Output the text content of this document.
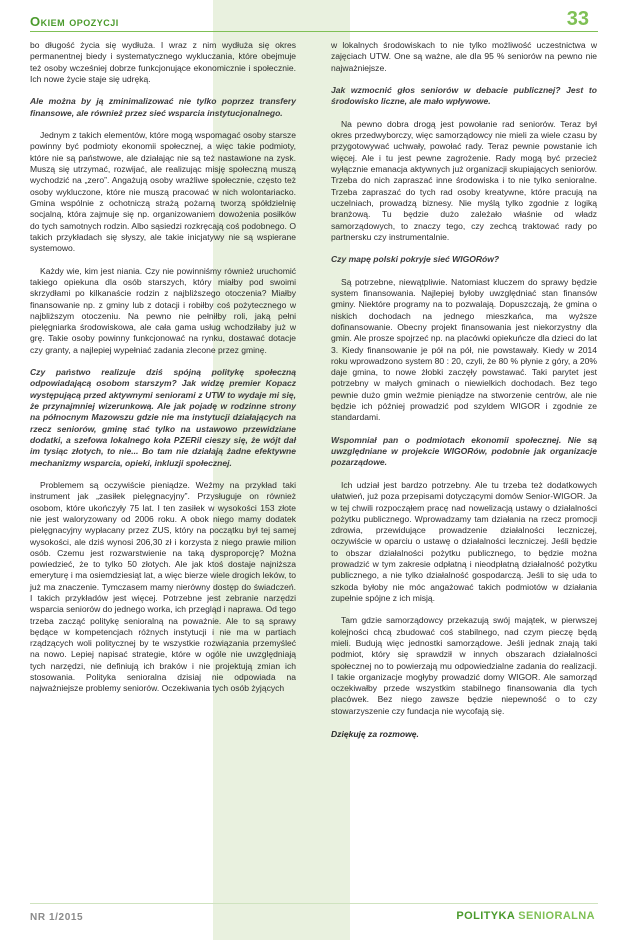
Okiem opozycji	33

bo długość życia się wydłuża. I wraz z nim wydłuża się okres permanentnej biedy i systematycznego wykluczania, które obejmuje też osoby wcześniej dobrze funkcjonujące ekonomicznie i społecznie. Ich nowe życie staje się udręką.

Ale można by ją zminimalizować nie tylko poprzez transfery finansowe, ale również przez sieć wsparcia instytucjonalnego.

Jednym z takich elementów, które mogą wspomagać osoby starsze powinny być podmioty ekonomii społecznej, a więc takie podmioty, które nie są państwowe, ale działając nie są też nastawione na zysk. Muszą się utrzymać, rozwijać, ale realizując misję społeczną muszą wychodzić na „zero”. Angażują osoby wrażliwe społecznie, często też osoby wykluczone, które nie muszą pracować w nich wolontariacko. Gmina wspólnie z ochotniczą strażą pożarną tworzą spółdzielnię socjalną, która zajmuje się np. organizowaniem dowożenia posiłków do tych samotnych rodzin. Albo sąsiedzi rozkręcają coś podobnego. O takich przykładach się słyszy, ale takie inicjatywy nie są wspierane systemowo.

Każdy wie, kim jest niania. Czy nie powinniśmy również uruchomić takiego opiekuna dla osób starszych, który miałby pod swoimi skrzydłami po kilkanaście rodzin z najbliższego otoczenia? Miałby finansowanie np. z gminy lub z dotacji i robiłby coś pożytecznego w najbliższym otoczeniu. Na pewno nie pełniłby roli, jaką pełni pielęgniarka środowiskowa, ale cała gama usług wchodziłaby już w grę. Takie osoby powinny funkcjonować na rynku, dostawać dotacje czy granty, a najlepiej wypełniać zadania zlecone przez gminę.

Czy państwo realizuje dziś spójną politykę społeczną odpowiadającą osobom starszym? Jak widzę premier Kopacz występującą przed aktywnymi seniorami z UTW to wydaje mi się, że przynajmniej wizerunkową. Ale jak pojadę w rodzinne strony na północnym Mazowszu gdzie nie ma instytucji działających na rzecz seniorów, gminę stać tylko na ustawowo przewidziane dodatki, a szefowa lokalnego koła PZERiI cieszy się, że wójt dał im tysiąc złotych, to nie... Bo tam nie działają żadne efektywne mechanizmy wsparcia, opieki, inkluzji społecznej.

Problemem są oczywiście pieniądze. Weźmy na przykład taki instrument jak „zasiłek pielęgnacyjny”. Przysługuje on również osobom, które ukończyły 75 lat. I ten zasiłek w wysokości 153 złote nie jest waloryzowany od 2006 roku. A obok niego mamy dodatek pielęgnacyjny wypłacany przez ZUS, który na początku był tej samej wysokości, ale dziś wynosi 206,30 zł i korzysta z niego prawie milion osób. Czemu jest rozwarstwienie na taką dysproporcję? Można powiedzieć, że to tylko 50 złotych. Ale jak ktoś dostaje najniższa emeryturę i ma osiemdziesiąt lat, a więc bierze wiele drogich leków, to już ma znaczenie. Tymczasem mamy nierówny dostęp do świadczeń. I takich przykładów jest więcej. Potrzebne jest zebranie narzędzi wsparcia seniorów do jednego worka, ich przegląd i naprawa. Od tego trzeba zacząć politykę senioralną na poważnie. Ale to są sprawy będące w kompetencjach różnych instytucji i nie ma w partiach rządzących woli politycznej by te wszystkie rozwiązania przemyśleć na nowo. Lepiej napisać strategie, które w ogóle nie uwzględniają tych narzędzi, nie definiują ich braków i nie projektują zmian ich stosowania. Polityka senioralna dzisiaj nie odpowiada na najważniejsze problemy seniorów. Oczekiwania tych osób żyjących

w lokalnych środowiskach to nie tylko możliwość uczestnictwa w zajęciach UTW. One są ważne, ale dla 95 % seniorów na pewno nie najważniejsze.

Jak wzmocnić głos seniorów w debacie publicznej? Jest to środowisko liczne, ale mało wpływowe.

Na pewno dobra drogą jest powołanie rad seniorów. Teraz był okres przedwyborczy, więc samorządowcy nie mieli za wiele czasu by przygotowywać uchwały, powołać rady. Teraz pewnie powstanie ich więcej. Ale i tu jest pewne zagrożenie. Rady mogą być przecież wyłącznie emanacja aktywnych już organizacji skupiających seniorów. Trzeba do nich zapraszać inne środowiska i to nie tylko senioralne. Trzeba zapraszać do tych rad osoby kreatywne, które pracują na uczelniach, prowadzą biznesy. Nie myślą tylko zgodnie z logiką branżową. Tu będzie dużo zależało właśnie od władz samorządowych, to znaczy tego, czy zechcą traktować rady po partnersku czy instrumentalnie.

Czy mapę polski pokryje sieć WIGORów?

Są potrzebne, niewątpliwie. Natomiast kluczem do sprawy będzie system finansowania. Najlepiej byłoby uwzględniać stan finansów gminy. Niektóre programy na to pozwalają. Dopuszczają, że gmina o niskich dochodach na jednego mieszkańca, ma wyższe dofinansowanie. Obecny projekt finansowania jest niekorzystny dla gmin. Ale prosze spojrzeć np. na placówki opiekuńcze dla dzieci do lat 3. Kiedy finansowanie je pół na pół, nie powstawały. Kiedy w 2014 roku wprowadzono system 80 : 20, czyli, że 80 % płynie z góry, a 20% daje gmina, to nowe żłobki zaczęły powstawać. Taki parytet jest potrzebny w małych gminach o niewielkich dochodach. Bez tego pewnie dużo gmin weźmie pieniądze na stworzenie centrów, ale nie będzie ich później prowadzić pod szyldem WIGOR i zgodnie ze standardami.

Wspomniał pan o podmiotach ekonomii społecznej. Nie są uwzględniane w projekcie WIGORów, podobnie jak organizacje pozarządowe.

Ich udział jest bardzo potrzebny. Ale tu trzeba też dodatkowych ułatwień, już poza przepisami dotyczącymi domów Senior-WIGOR. Ja w tej chwili rozpocząłem pracę nad nowelizacją ustawy o działalności pożytku publicznego. Wprowadzamy tam działania na rzecz promocji zdrowia, przewidujące prowadzenie działalności leczniczej, oczywiście w oparciu o ustawę o działalności leczniczej. Jeśli będzie to obszar działalności pożytku publicznego, to będzie można prowadzić w tym zakresie odpłatną i nieodpłatną działalność pożytku publicznego, a nie tylko działalność gospodarczą. Jeśli to się uda to szkoda byłoby nie móc angażować takich podmiotów w działania zupełnie spójne z ich misją.

Tam gdzie samorządowcy przekazują swój majątek, w pierwszej kolejności chcą zbudować coś stabilnego, nad czym pieczę będą mieli. Budują więc jednostki samorządowe. Jeśli jednak znają taki podmiot, który się sprawdził w innych obszarach działalności społecznej no to powierzają mu odpowiedzialne zadania do realizacji. I takie organizacje mogłyby prowadzić domy WIGOR. Ale samorząd oczekiwałby przede wszystkim stabilnego finansowania dla tych placówek. Bez niego zawsze będzie niepewność o to czy stowarzyszenie czy fundacja nie wycofają się.

Dziękuję za rozmowę.

NR 1/2015	POLITYKA SENIORALNA
